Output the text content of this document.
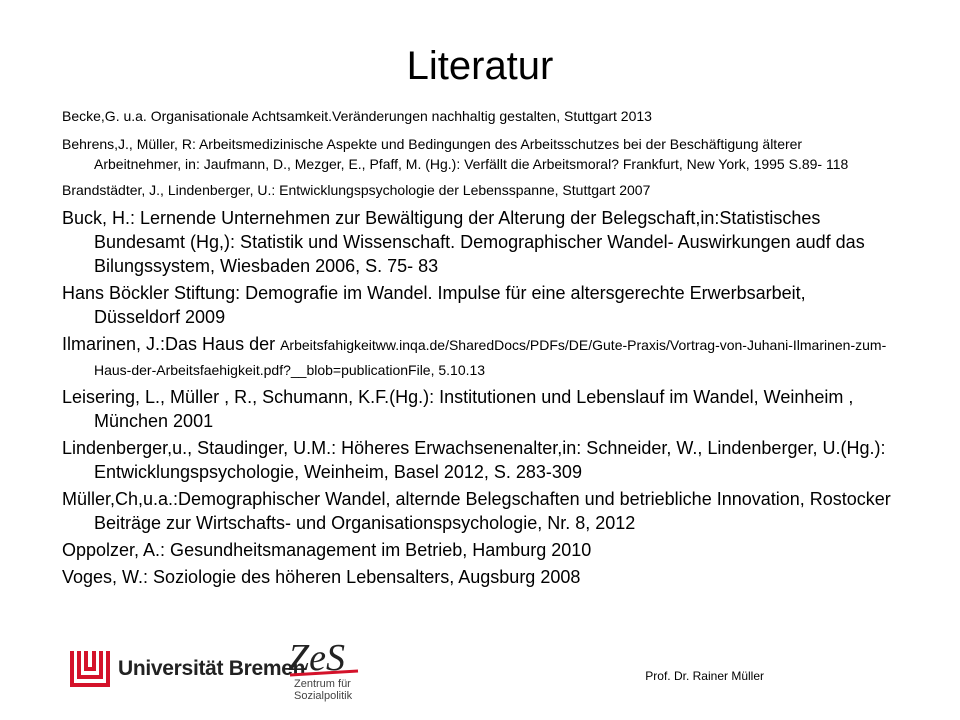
Literatur
Becke,G. u.a. Organisationale Achtsamkeit.Veränderungen nachhaltig gestalten, Stuttgart 2013
Behrens,J., Müller, R: Arbeitsmedizinische Aspekte und Bedingungen des Arbeitsschutzes bei der Beschäftigung älterer Arbeitnehmer, in: Jaufmann, D., Mezger, E., Pfaff, M. (Hg.): Verfällt die Arbeitsmoral? Frankfurt, New York, 1995 S.89- 118
Brandstädter, J., Lindenberger, U.: Entwicklungspsychologie der Lebensspanne, Stuttgart 2007
Buck, H.: Lernende Unternehmen zur Bewältigung der Alterung der Belegschaft,in:Statistisches Bundesamt (Hg,): Statistik und Wissenschaft. Demographischer Wandel- Auswirkungen audf das Bilungssystem, Wiesbaden 2006, S. 75- 83
Hans Böckler Stiftung: Demografie im Wandel. Impulse für eine altersgerechte Erwerbsarbeit, Düsseldorf 2009
Ilmarinen, J.:Das Haus der Arbeitsfahigkeitww.inqa.de/SharedDocs/PDFs/DE/Gute-Praxis/Vortrag-von-Juhani-Ilmarinen-zum-Haus-der-Arbeitsfaehigkeit.pdf?__blob=publicationFile, 5.10.13
Leisering, L., Müller , R., Schumann, K.F.(Hg.): Institutionen und Lebenslauf im Wandel, Weinheim , München 2001
Lindenberger,u., Staudinger, U.M.: Höheres Erwachsenenalter,in: Schneider, W., Lindenberger, U.(Hg.): Entwicklungspsychologie, Weinheim, Basel 2012, S. 283-309
Müller,Ch,u.a.:Demographischer Wandel, alternde Belegschaften und betriebliche Innovation, Rostocker Beiträge zur Wirtschafts- und Organisationspsychologie, Nr. 8, 2012
Oppolzer, A.: Gesundheitsmanagement im Betrieb, Hamburg 2010
Voges, W.: Soziologie des höheren Lebensalters, Augsburg 2008
Universität Bremen
ZeS
Zentrum für
Sozialpolitik
Prof. Dr. Rainer Müller
